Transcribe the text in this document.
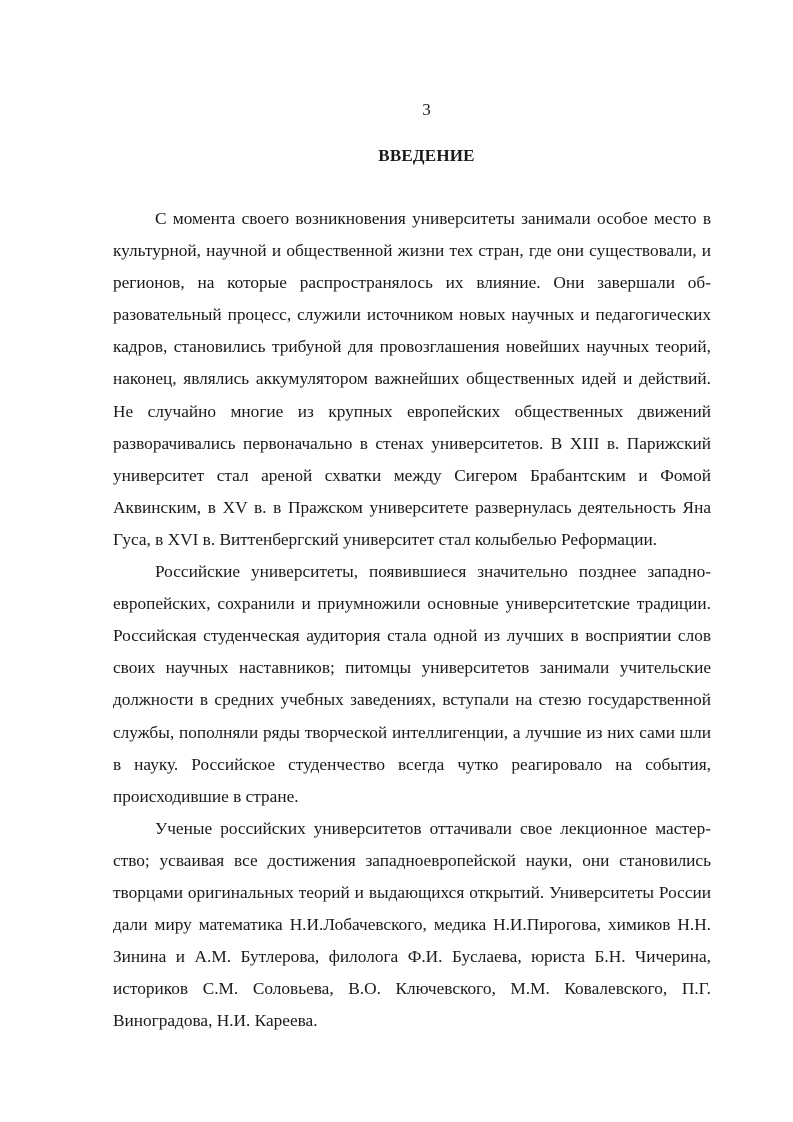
3
ВВЕДЕНИЕ

С момента своего возникновения университеты занимали особое место в культурной, научной и общественной жизни тех стран, где они существовали, и регионов, на которые распространялось их влияние. Они завершали образовательный процесс, служили источником новых научных и педагогических кадров, становились трибуной для провозглашения новейших научных теорий, наконец, являлись аккумулятором важнейших общественных идей и действий. Не случайно многие из крупных европейских общественных движений разворачивались первоначально в стенах университетов. В XIII в. Парижский университет стал ареной схватки между Сигером Брабантским и Фомой Аквинским, в XV в. в Пражском университете развернулась деятельность Яна Гуса, в XVI в. Виттенбергский университет стал колыбелью Реформации.

Российские университеты, появившиеся значительно позднее западноевропейских, сохранили и приумножили основные университетские традиции. Российская студенческая аудитория стала одной из лучших в восприятии слов своих научных наставников; питомцы университетов занимали учительские должности в средних учебных заведениях, вступали на стезю государственной службы, пополняли ряды творческой интеллигенции, а лучшие из них сами шли в науку. Российское студенчество всегда чутко реагировало на события, происходившие в стране.

Ученые российских университетов оттачивали свое лекционное мастерство; усваивая все достижения западноевропейской науки, они становились творцами оригинальных теорий и выдающихся открытий. Университеты России дали миру математика Н.И.Лобачевского, медика Н.И.Пирогова, химиков Н.Н. Зинина и А.М. Бутлерова, филолога Ф.И. Буслаева, юриста Б.Н. Чичерина, историков С.М. Соловьева, В.О. Ключевского, М.М. Ковалевского, П.Г. Виноградова, Н.И. Кареева.
